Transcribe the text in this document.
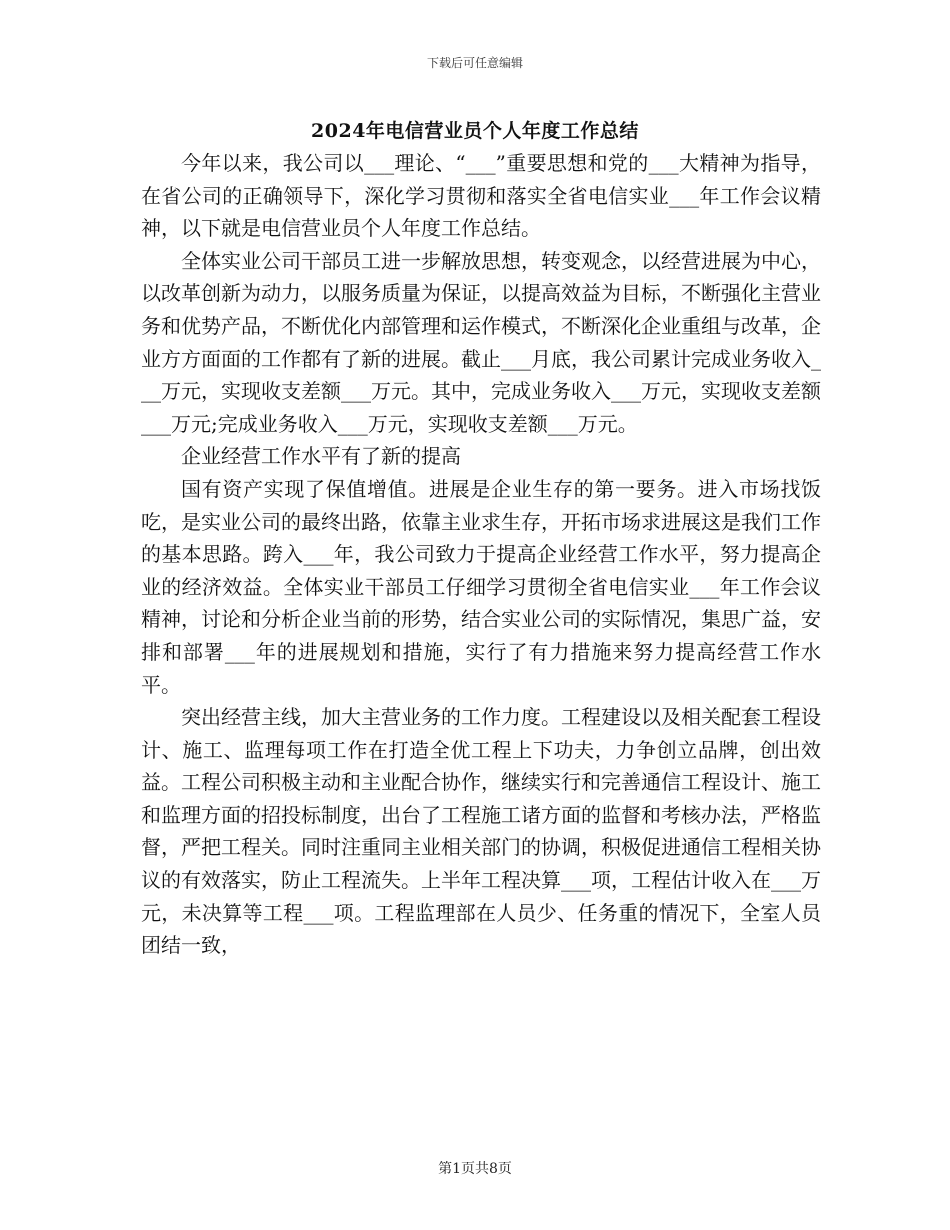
下载后可任意编辑
2024年电信营业员个人年度工作总结

今年以来，我公司以___理论、“___”重要思想和党的___大精神为指导，在省公司的正确领导下，深化学习贯彻和落实全省电信实业___年工作会议精神，以下就是电信营业员个人年度工作总结。

全体实业公司干部员工进一步解放思想，转变观念，以经营进展为中心，以改革创新为动力，以服务质量为保证，以提高效益为目标，不断强化主营业务和优势产品，不断优化内部管理和运作模式，不断深化企业重组与改革，企业方方面面的工作都有了新的进展。截止___月底，我公司累计完成业务收入___万元，实现收支差额___万元。其中，完成业务收入___万元，实现收支差额___万元;完成业务收入___万元，实现收支差额___万元。

企业经营工作水平有了新的提高

国有资产实现了保值增值。进展是企业生存的第一要务。进入市场找饭吃，是实业公司的最终出路，依靠主业求生存，开拓市场求进展这是我们工作的基本思路。跨入___年，我公司致力于提高企业经营工作水平，努力提高企业的经济效益。全体实业干部员工仔细学习贯彻全省电信实业___年工作会议精神，讨论和分析企业当前的形势，结合实业公司的实际情况，集思广益，安排和部署___年的进展规划和措施，实行了有力措施来努力提高经营工作水平。

突出经营主线，加大主营业务的工作力度。工程建设以及相关配套工程设计、施工、监理每项工作在打造全优工程上下功夫，力争创立品牌，创出效益。工程公司积极主动和主业配合协作，继续实行和完善通信工程设计、施工和监理方面的招投标制度，出台了工程施工诸方面的监督和考核办法，严格监督，严把工程关。同时注重同主业相关部门的协调，积极促进通信工程相关协议的有效落实，防止工程流失。上半年工程决算___项，工程估计收入在___万元，未决算等工程___项。工程监理部在人员少、任务重的情况下，全室人员团结一致，

第1页共8页
